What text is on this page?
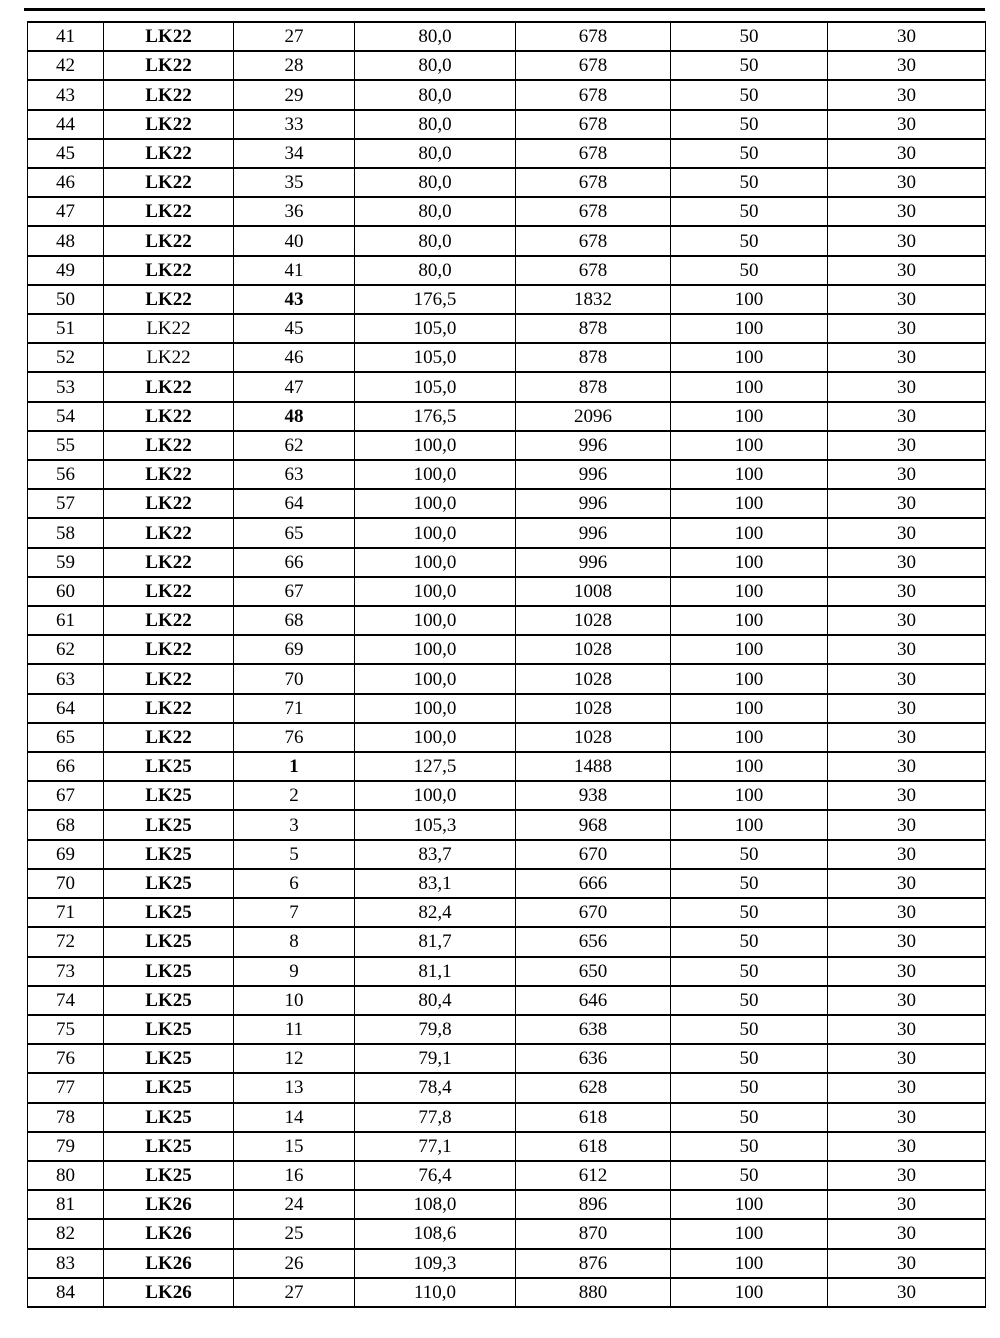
41	LK22	27	80,0	678	50	30
42	LK22	28	80,0	678	50	30
43	LK22	29	80,0	678	50	30
44	LK22	33	80,0	678	50	30
45	LK22	34	80,0	678	50	30
46	LK22	35	80,0	678	50	30
47	LK22	36	80,0	678	50	30
48	LK22	40	80,0	678	50	30
49	LK22	41	80,0	678	50	30
50	LK22	43	176,5	1832	100	30
51	LK22	45	105,0	878	100	30
52	LK22	46	105,0	878	100	30
53	LK22	47	105,0	878	100	30
54	LK22	48	176,5	2096	100	30
55	LK22	62	100,0	996	100	30
56	LK22	63	100,0	996	100	30
57	LK22	64	100,0	996	100	30
58	LK22	65	100,0	996	100	30
59	LK22	66	100,0	996	100	30
60	LK22	67	100,0	1008	100	30
61	LK22	68	100,0	1028	100	30
62	LK22	69	100,0	1028	100	30
63	LK22	70	100,0	1028	100	30
64	LK22	71	100,0	1028	100	30
65	LK22	76	100,0	1028	100	30
66	LK25	1	127,5	1488	100	30
67	LK25	2	100,0	938	100	30
68	LK25	3	105,3	968	100	30
69	LK25	5	83,7	670	50	30
70	LK25	6	83,1	666	50	30
71	LK25	7	82,4	670	50	30
72	LK25	8	81,7	656	50	30
73	LK25	9	81,1	650	50	30
74	LK25	10	80,4	646	50	30
75	LK25	11	79,8	638	50	30
76	LK25	12	79,1	636	50	30
77	LK25	13	78,4	628	50	30
78	LK25	14	77,8	618	50	30
79	LK25	15	77,1	618	50	30
80	LK25	16	76,4	612	50	30
81	LK26	24	108,0	896	100	30
82	LK26	25	108,6	870	100	30
83	LK26	26	109,3	876	100	30
84	LK26	27	110,0	880	100	30
